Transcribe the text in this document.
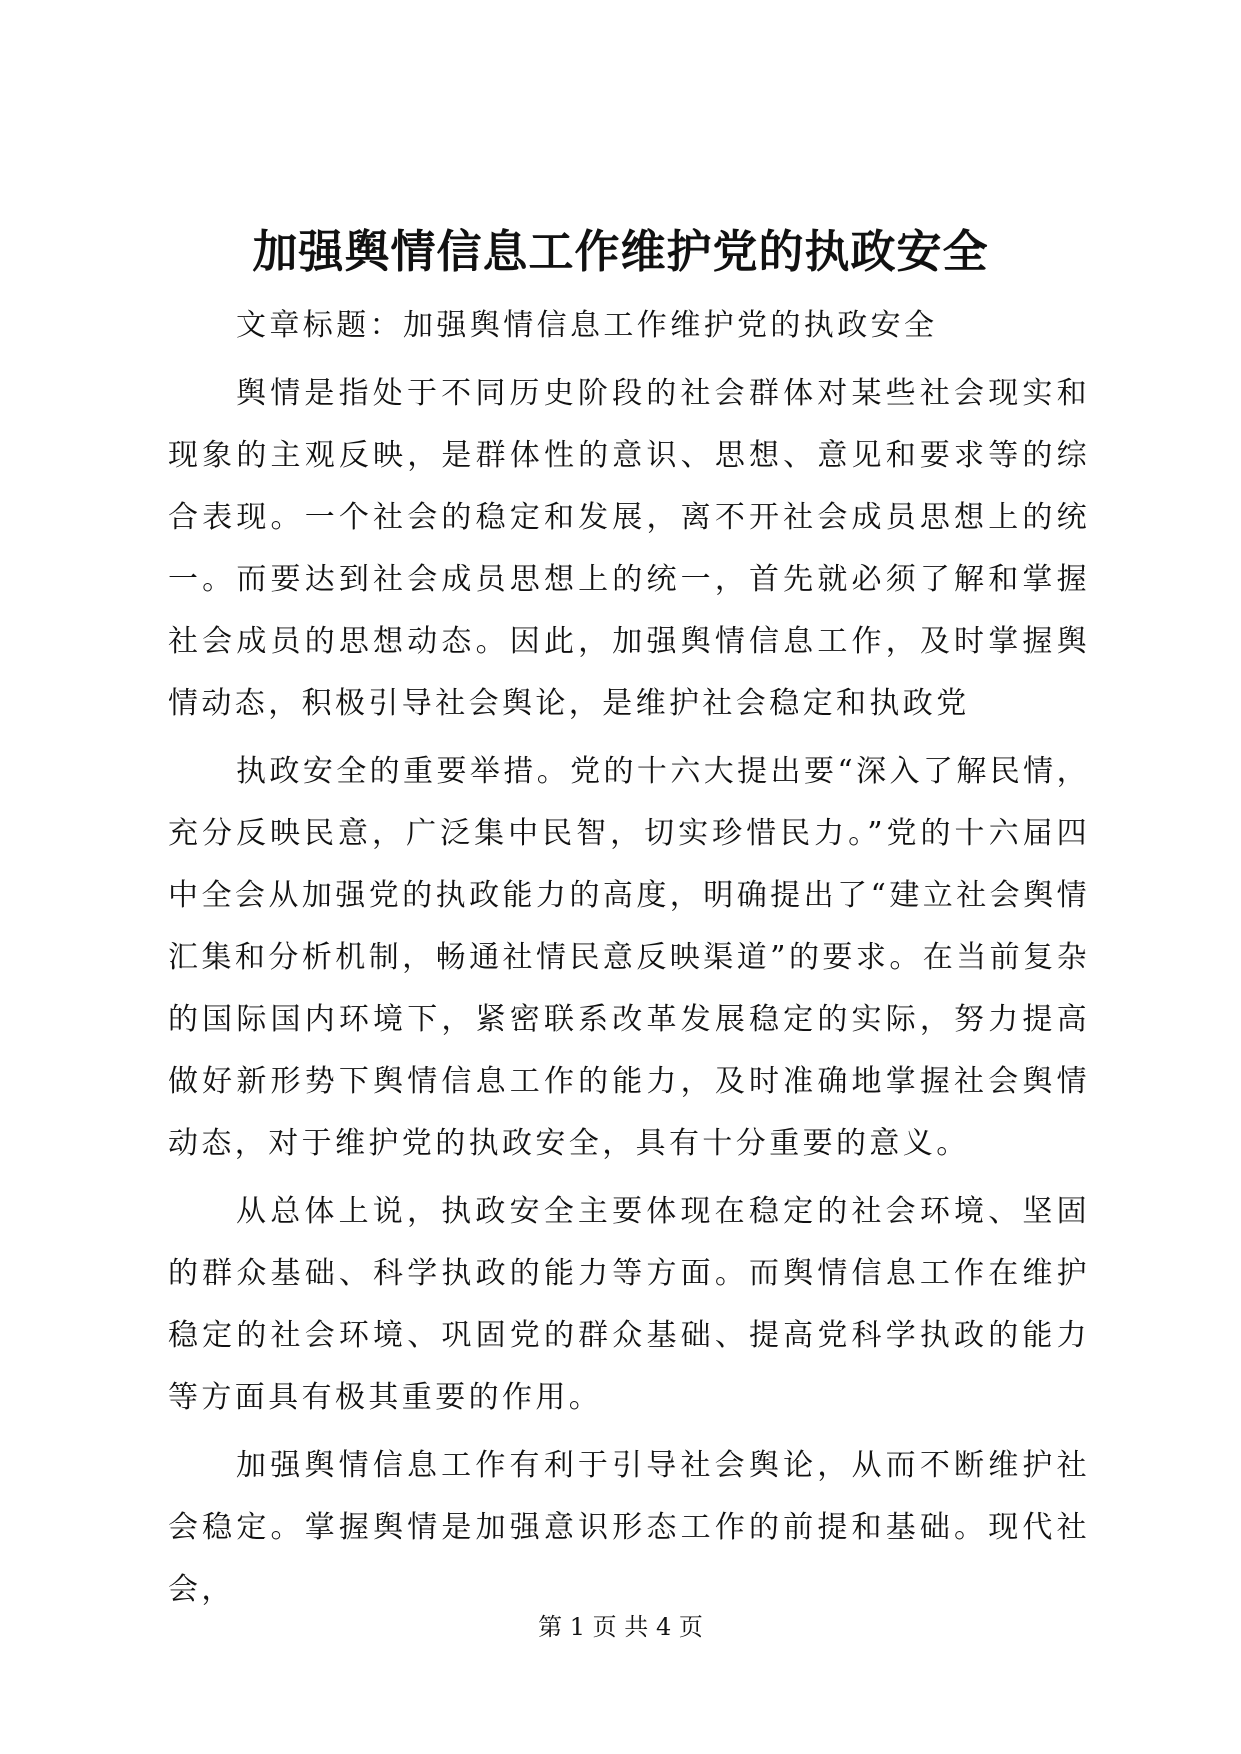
加强舆情信息工作维护党的执政安全

文章标题：加强舆情信息工作维护党的执政安全

舆情是指处于不同历史阶段的社会群体对某些社会现实和现象的主观反映，是群体性的意识、思想、意见和要求等的综合表现。一个社会的稳定和发展，离不开社会成员思想上的统一。而要达到社会成员思想上的统一，首先就必须了解和掌握社会成员的思想动态。因此，加强舆情信息工作，及时掌握舆情动态，积极引导社会舆论，是维护社会稳定和执政党

执政安全的重要举措。党的十六大提出要“深入了解民情，充分反映民意，广泛集中民智，切实珍惜民力。”党的十六届四中全会从加强党的执政能力的高度，明确提出了“建立社会舆情汇集和分析机制，畅通社情民意反映渠道”的要求。在当前复杂的国际国内环境下，紧密联系改革发展稳定的实际，努力提高做好新形势下舆情信息工作的能力，及时准确地掌握社会舆情动态，对于维护党的执政安全，具有十分重要的意义。

从总体上说，执政安全主要体现在稳定的社会环境、坚固的群众基础、科学执政的能力等方面。而舆情信息工作在维护稳定的社会环境、巩固党的群众基础、提高党科学执政的能力等方面具有极其重要的作用。

加强舆情信息工作有利于引导社会舆论，从而不断维护社会稳定。掌握舆情是加强意识形态工作的前提和基础。现代社会，

第 1 页 共 4 页
